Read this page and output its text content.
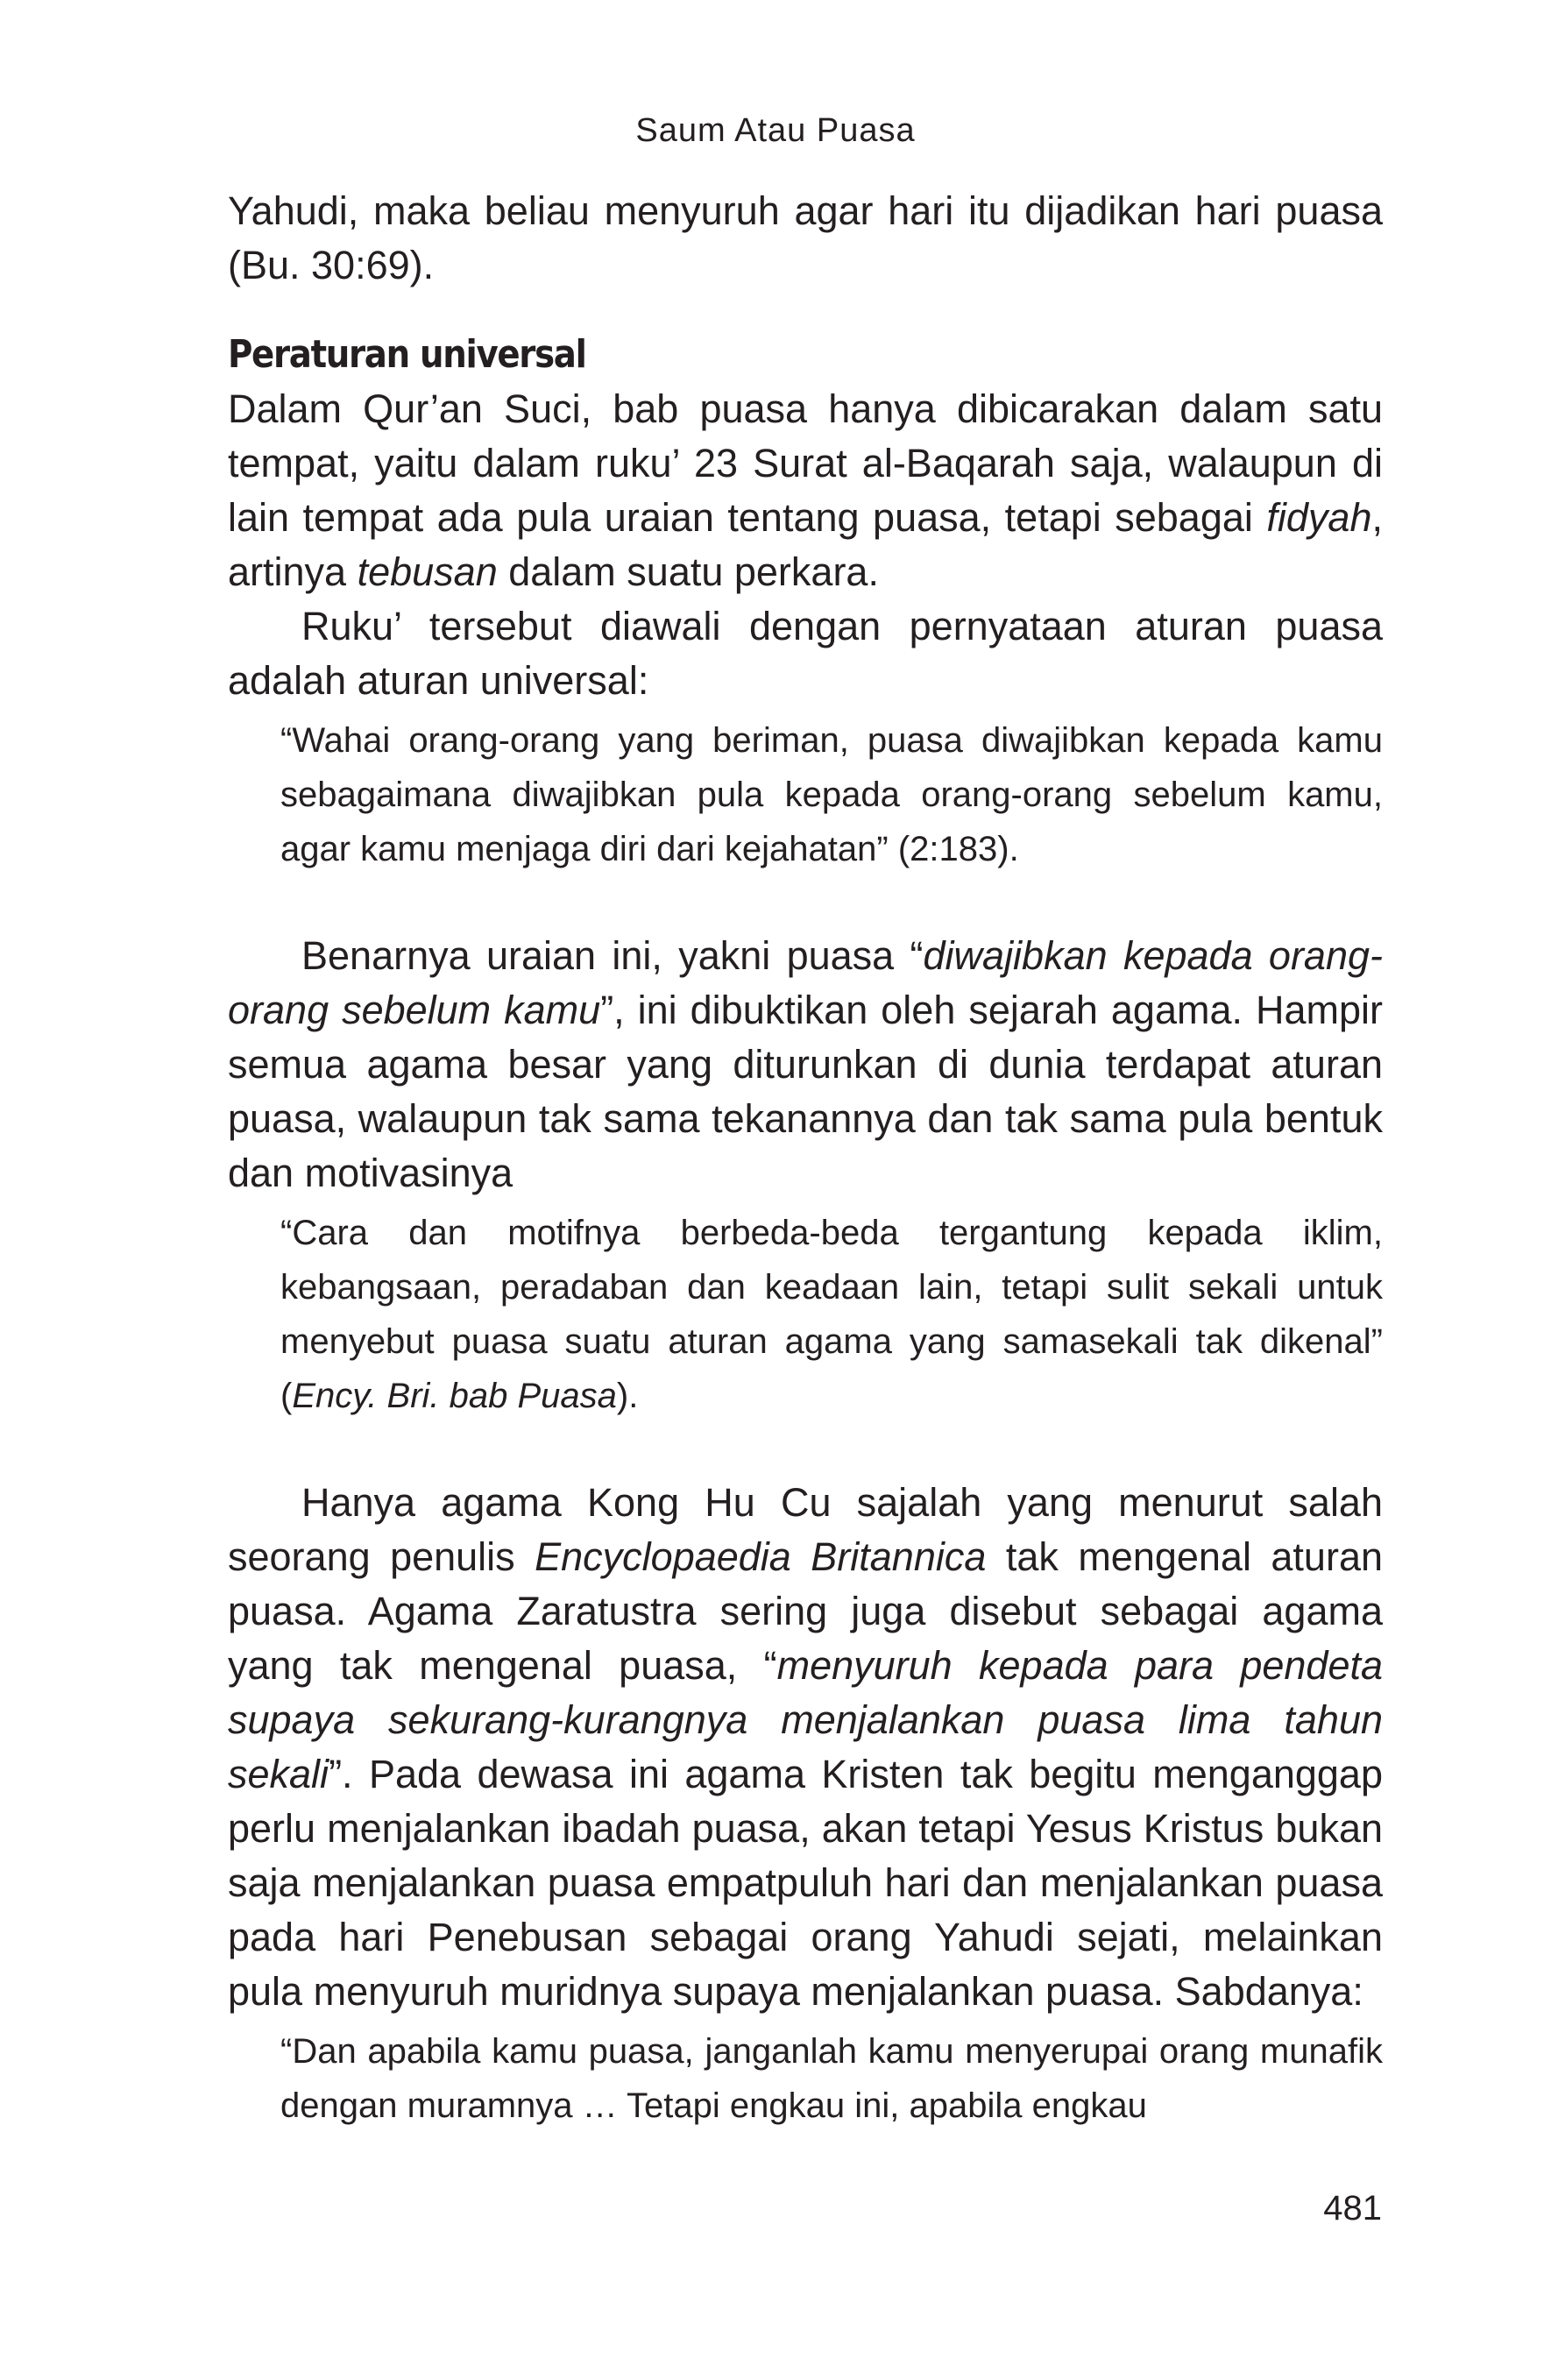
Saum Atau Puasa

Yahudi, maka beliau menyuruh agar hari itu dijadikan hari puasa (Bu. 30:69).

Peraturan universal

Dalam Qur’an Suci, bab puasa hanya dibicarakan dalam satu tempat, yaitu dalam ruku’ 23 Surat al-Baqarah saja, walaupun di lain tempat ada pula uraian tentang puasa, tetapi sebagai fidyah, artinya tebusan dalam suatu perkara.

Ruku’ tersebut diawali dengan pernyataan aturan puasa adalah aturan universal:

“Wahai orang-orang yang beriman, puasa diwajibkan kepada kamu sebagaimana diwajibkan pula kepada orang-orang sebelum kamu, agar kamu menjaga diri dari kejahatan” (2:183).

Benarnya uraian ini, yakni puasa “diwajibkan kepada orang-orang sebelum kamu”, ini dibuktikan oleh sejarah agama. Hampir semua agama besar yang diturunkan di dunia terdapat aturan puasa, walaupun tak sama tekanannya dan tak sama pula bentuk dan motivasinya

“Cara dan motifnya berbeda-beda tergantung kepada iklim, kebangsaan, peradaban dan keadaan lain, tetapi sulit sekali untuk menyebut puasa suatu aturan agama yang samasekali tak dikenal” (Ency. Bri. bab Puasa).

Hanya agama Kong Hu Cu sajalah yang menurut salah seorang penulis Encyclopaedia Britannica tak mengenal aturan puasa. Agama Zaratustra sering juga disebut sebagai agama yang tak mengenal puasa, “menyuruh kepada para pendeta supaya sekurang-kurangnya menjalankan puasa lima tahun sekali”. Pada dewasa ini agama Kristen tak begitu menganggap perlu menjalankan ibadah puasa, akan tetapi Yesus Kristus bukan saja menjalankan puasa empatpuluh hari dan menjalankan puasa pada hari Penebusan sebagai orang Yahudi sejati, melainkan pula menyuruh muridnya supaya menjalankan puasa. Sabdanya:

“Dan apabila kamu puasa, janganlah kamu menyerupai orang munafik dengan muramnya … Tetapi engkau ini, apabila engkau

481
